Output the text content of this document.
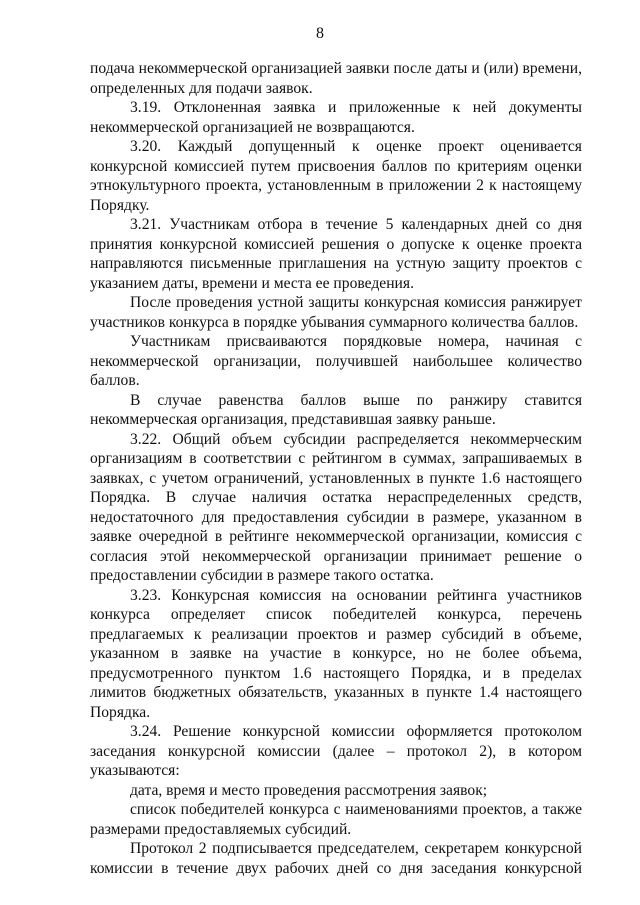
8

подача некоммерческой организацией заявки после даты и (или) времени, определенных для подачи заявок.

3.19. Отклоненная заявка и приложенные к ней документы некоммерческой организацией не возвращаются.

3.20. Каждый допущенный к оценке проект оценивается конкурсной комиссией путем присвоения баллов по критериям оценки этнокультурного проекта, установленным в приложении 2 к настоящему Порядку.

3.21. Участникам отбора в течение 5 календарных дней со дня принятия конкурсной комиссией решения о допуске к оценке проекта направляются письменные приглашения на устную защиту проектов с указанием даты, времени и места ее проведения.

После проведения устной защиты конкурсная комиссия ранжирует участников конкурса в порядке убывания суммарного количества баллов.

Участникам присваиваются порядковые номера, начиная с некоммерческой организации, получившей наибольшее количество баллов.

В случае равенства баллов выше по ранжиру ставится некоммерческая организация, представившая заявку раньше.

3.22. Общий объем субсидии распределяется некоммерческим организациям в соответствии с рейтингом в суммах, запрашиваемых в заявках, с учетом ограничений, установленных в пункте 1.6 настоящего Порядка. В случае наличия остатка нераспределенных средств, недостаточного для предоставления субсидии в размере, указанном в заявке очередной в рейтинге некоммерческой организации, комиссия с согласия этой некоммерческой организации принимает решение о предоставлении субсидии в размере такого остатка.

3.23. Конкурсная комиссия на основании рейтинга участников конкурса определяет список победителей конкурса, перечень предлагаемых к реализации проектов и размер субсидий в объеме, указанном в заявке на участие в конкурсе, но не более объема, предусмотренного пунктом 1.6 настоящего Порядка, и в пределах лимитов бюджетных обязательств, указанных в пункте 1.4 настоящего Порядка.

3.24. Решение конкурсной комиссии оформляется протоколом заседания конкурсной комиссии (далее – протокол 2), в котором указываются:

дата, время и место проведения рассмотрения заявок;

список победителей конкурса с наименованиями проектов, а также размерами предоставляемых субсидий.

Протокол 2 подписывается председателем, секретарем конкурсной комиссии в течение двух рабочих дней со дня заседания конкурсной
